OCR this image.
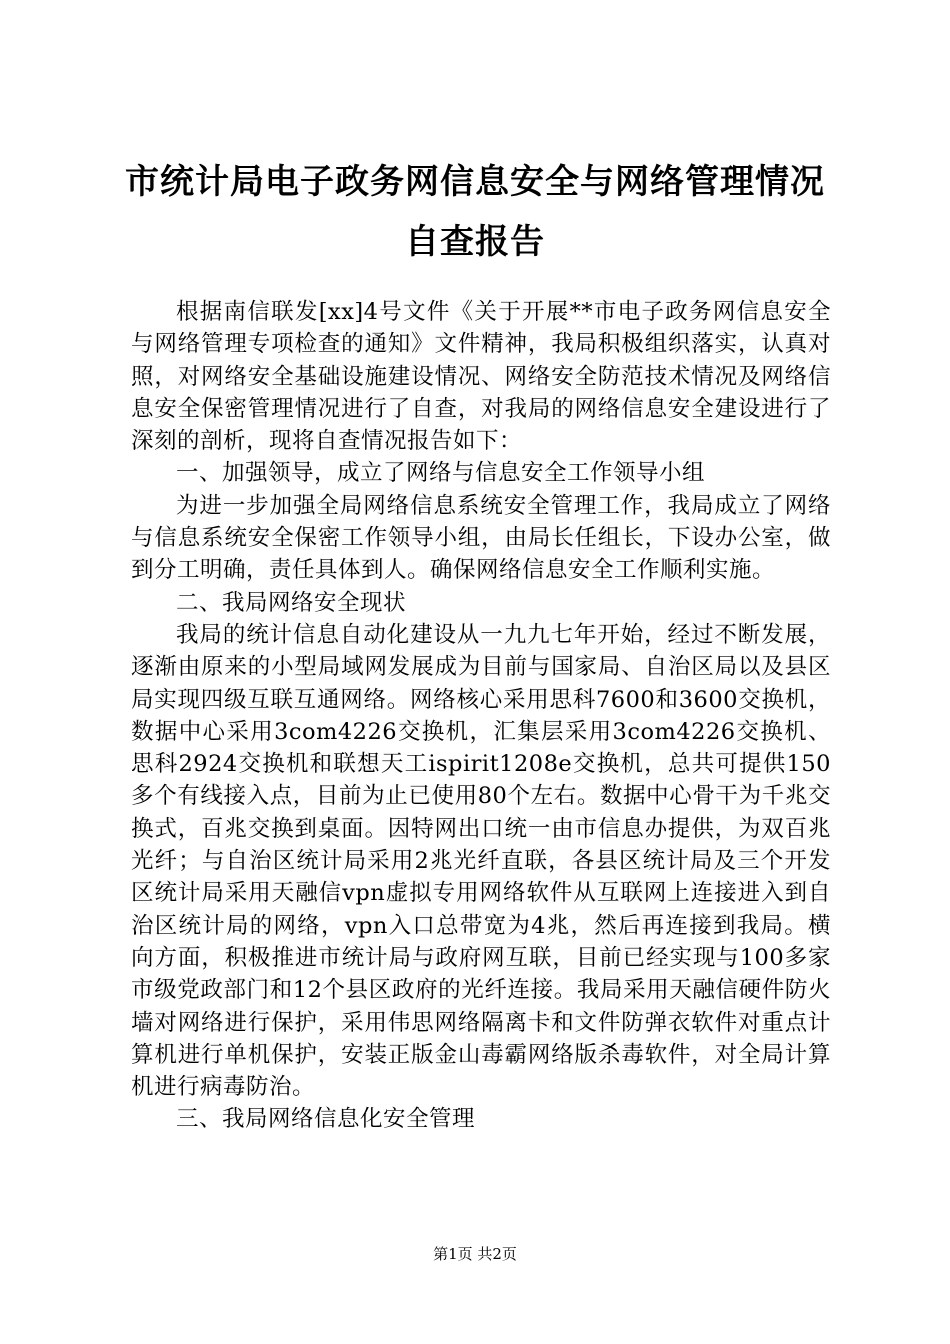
市统计局电子政务网信息安全与网络管理情况
自查报告

根据南信联发[xx]4号文件《关于开展**市电子政务网信息安全与网络管理专项检查的通知》文件精神，我局积极组织落实，认真对照，对网络安全基础设施建设情况、网络安全防范技术情况及网络信息安全保密管理情况进行了自查，对我局的网络信息安全建设进行了深刻的剖析，现将自查情况报告如下：

一、加强领导，成立了网络与信息安全工作领导小组

为进一步加强全局网络信息系统安全管理工作，我局成立了网络与信息系统安全保密工作领导小组，由局长任组长，下设办公室，做到分工明确，责任具体到人。确保网络信息安全工作顺利实施。

二、我局网络安全现状

我局的统计信息自动化建设从一九九七年开始，经过不断发展，逐渐由原来的小型局域网发展成为目前与国家局、自治区局以及县区局实现四级互联互通网络。网络核心采用思科7600和3600交换机，数据中心采用3com4226交换机，汇集层采用3com4226交换机、思科2924交换机和联想天工ispirit1208e交换机，总共可提供150多个有线接入点，目前为止已使用80个左右。数据中心骨干为千兆交换式，百兆交换到桌面。因特网出口统一由市信息办提供，为双百兆光纤；与自治区统计局采用2兆光纤直联，各县区统计局及三个开发区统计局采用天融信vpn虚拟专用网络软件从互联网上连接进入到自治区统计局的网络，vpn入口总带宽为4兆，然后再连接到我局。横向方面，积极推进市统计局与政府网互联，目前已经实现与100多家市级党政部门和12个县区政府的光纤连接。我局采用天融信硬件防火墙对网络进行保护，采用伟思网络隔离卡和文件防弹衣软件对重点计算机进行单机保护，安装正版金山毒霸网络版杀毒软件，对全局计算机进行病毒防治。

三、我局网络信息化安全管理

第1页 共2页
